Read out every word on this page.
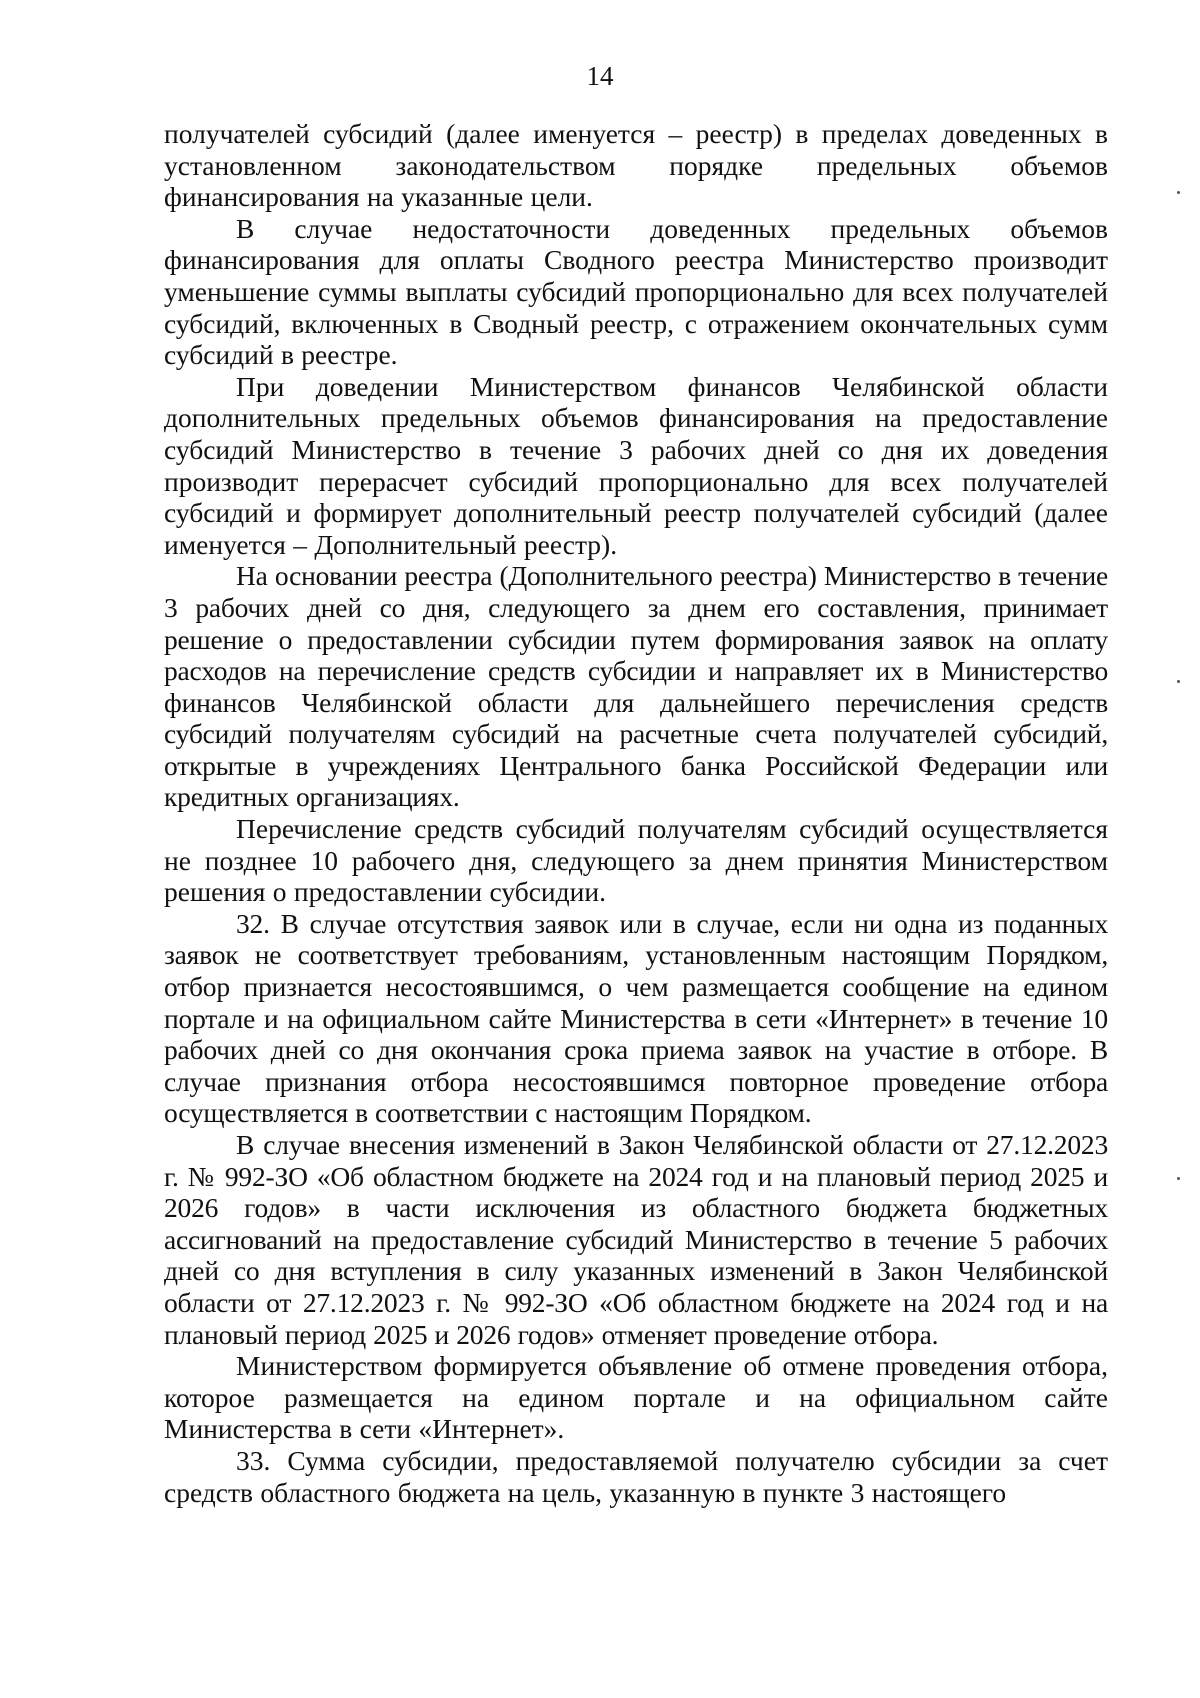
14

получателей субсидий (далее именуется – реестр) в пределах доведенных в установленном законодательством порядке предельных объемов финансирования на указанные цели.

В случае недостаточности доведенных предельных объемов финансирования для оплаты Сводного реестра Министерство производит уменьшение суммы выплаты субсидий пропорционально для всех получателей субсидий, включенных в Сводный реестр, с отражением окончательных сумм субсидий в реестре.

При доведении Министерством финансов Челябинской области дополнительных предельных объемов финансирования на предоставление субсидий Министерство в течение 3 рабочих дней со дня их доведения производит перерасчет субсидий пропорционально для всех получателей субсидий и формирует дополнительный реестр получателей субсидий (далее именуется – Дополнительный реестр).

На основании реестра (Дополнительного реестра) Министерство в течение 3 рабочих дней со дня, следующего за днем его составления, принимает решение о предоставлении субсидии путем формирования заявок на оплату расходов на перечисление средств субсидии и направляет их в Министерство финансов Челябинской области для дальнейшего перечисления средств субсидий получателям субсидий на расчетные счета получателей субсидий, открытые в учреждениях Центрального банка Российской Федерации или кредитных организациях.

Перечисление средств субсидий получателям субсидий осуществляется не позднее 10 рабочего дня, следующего за днем принятия Министерством решения о предоставлении субсидии.

32. В случае отсутствия заявок или в случае, если ни одна из поданных заявок не соответствует требованиям, установленным настоящим Порядком, отбор признается несостоявшимся, о чем размещается сообщение на едином портале и на официальном сайте Министерства в сети «Интернет» в течение 10 рабочих дней со дня окончания срока приема заявок на участие в отборе. В случае признания отбора несостоявшимся повторное проведение отбора осуществляется в соответствии с настоящим Порядком.

В случае внесения изменений в Закон Челябинской области от 27.12.2023 г. № 992-ЗО «Об областном бюджете на 2024 год и на плановый период 2025 и 2026 годов» в части исключения из областного бюджета бюджетных ассигнований на предоставление субсидий Министерство в течение 5 рабочих дней со дня вступления в силу указанных изменений в Закон Челябинской области от 27.12.2023 г. № 992-ЗО «Об областном бюджете на 2024 год и на плановый период 2025 и 2026 годов» отменяет проведение отбора.

Министерством формируется объявление об отмене проведения отбора, которое размещается на едином портале и на официальном сайте Министерства в сети «Интернет».

33. Сумма субсидии, предоставляемой получателю субсидии за счет средств областного бюджета на цель, указанную в пункте 3 настоящего
